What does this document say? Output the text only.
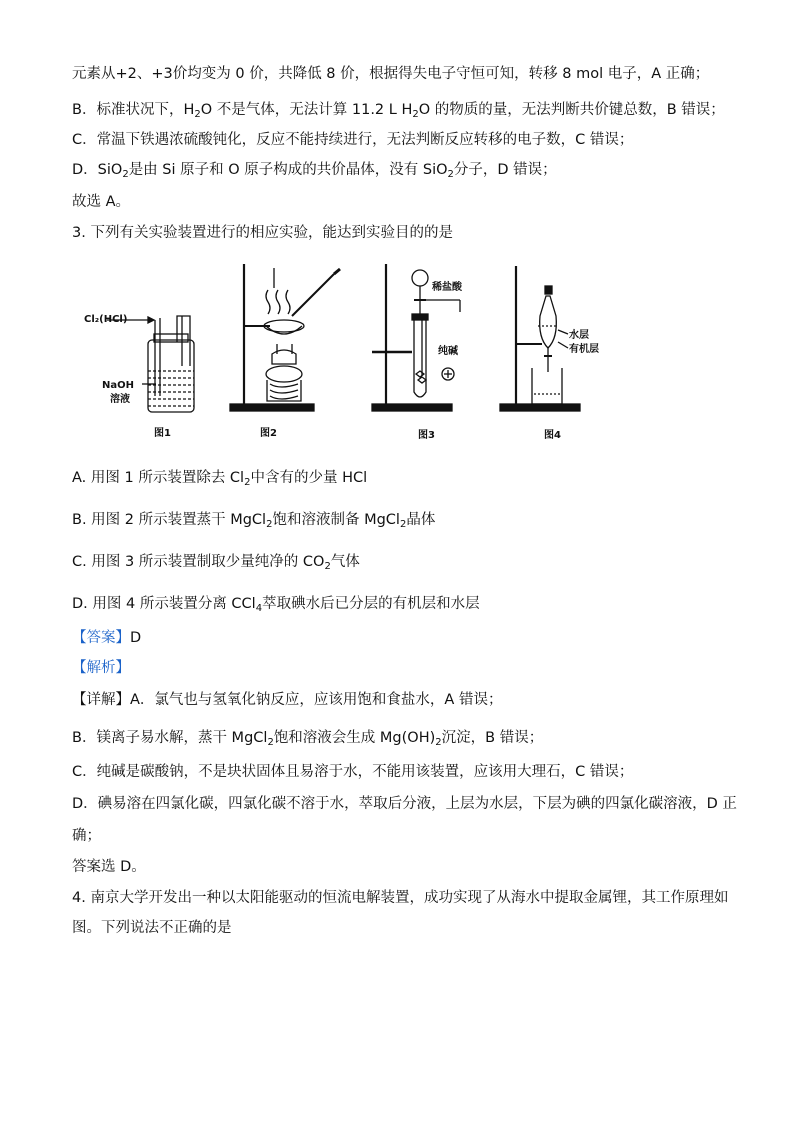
元素从+2、+3价均变为 0 价，共降低 8 价，根据得失电子守恒可知，转移 8 mol 电子，A 正确；
B．标准状况下，$H_2O$ 不是气体，无法计算 11.2 L $H_2O$ 的物质的量，无法判断共价键总数，B 错误；
C．常温下铁遇浓硫酸钝化，反应不能持续进行，无法判断反应转移的电子数，C 错误；
D．SiO$_2$是由 Si 原子和 O 原子构成的共价晶体，没有 SiO$_2$分子，D 错误；
故选 A。
3. 下列有关实验装置进行的相应实验，能达到实验目的的是
Cl₂(HCl)
NaOH
溶液
图1	图2
稀盐酸
纯碱
图3
水层
有机层
图4
A. 用图 1 所示装置除去 $Cl_2$中含有的少量 HCl
B. 用图 2 所示装置蒸干 MgCl$_2$饱和溶液制备 MgCl$_2$晶体
C. 用图 3 所示装置制取少量纯净的 $CO_2$气体
D. 用图 4 所示装置分离 CCl$_4$萃取碘水后已分层的有机层和水层
【答案】D
【解析】
【详解】A．氯气也与氢氧化钠反应，应该用饱和食盐水，A 错误；
B．镁离子易水解，蒸干 MgCl$_2$饱和溶液会生成 $Mg(OH)_2$沉淀，B 错误；
C．纯碱是碳酸钠，不是块状固体且易溶于水，不能用该装置，应该用大理石，C 错误；
D．碘易溶在四氯化碳，四氯化碳不溶于水，萃取后分液，上层为水层，下层为碘的四氯化碳溶液，D 正
确；
答案选 D。
4. 南京大学开发出一种以太阳能驱动的恒流电解装置，成功实现了从海水中提取金属锂，其工作原理如
图。下列说法不正确的是
